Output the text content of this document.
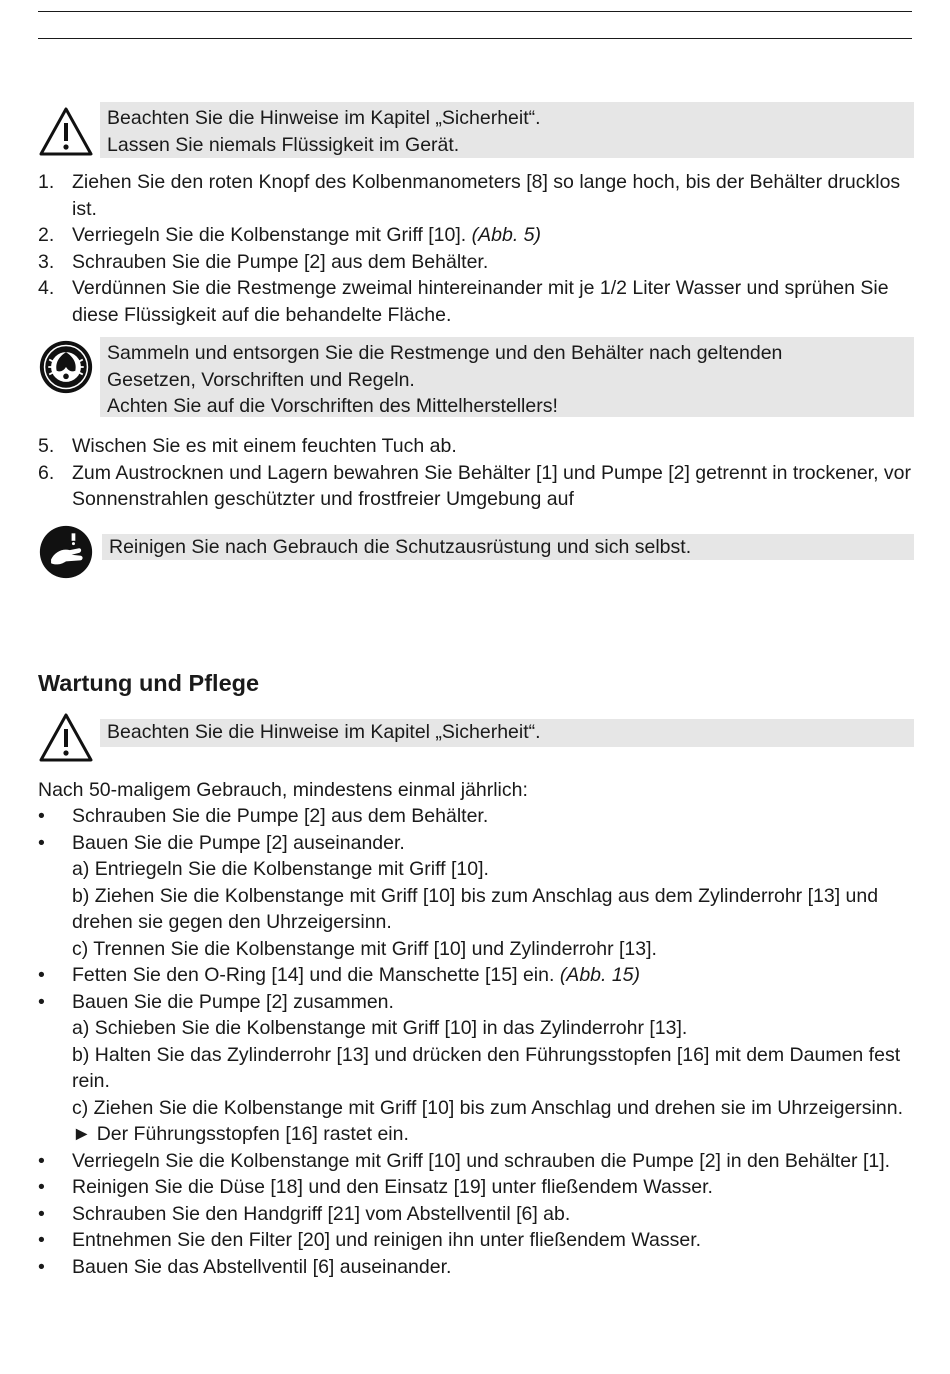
Beachten Sie die Hinweise im Kapitel „Sicherheit“.
Lassen Sie niemals Flüssigkeit im Gerät.
1. Ziehen Sie den roten Knopf des Kolbenmanometers [8] so lange hoch, bis der Behälter drucklos ist.
2. Verriegeln Sie die Kolbenstange mit Griff [10]. (Abb. 5)
3. Schrauben Sie die Pumpe [2] aus dem Behälter.
4. Verdünnen Sie die Restmenge zweimal hintereinander mit je 1/2 Liter Wasser und sprühen Sie diese Flüssigkeit auf die behandelte Fläche.
Sammeln und entsorgen Sie die Restmenge und den Behälter nach geltenden
Gesetzen, Vorschriften und Regeln.
Achten Sie auf die Vorschriften des Mittelherstellers!
5. Wischen Sie es mit einem feuchten Tuch ab.
6. Zum Austrocknen und Lagern bewahren Sie Behälter [1] und Pumpe [2] getrennt in trockener, vor Sonnenstrahlen geschützter und frostfreier Umgebung auf
Reinigen Sie nach Gebrauch die Schutzausrüstung und sich selbst.
Wartung und Pflege
Beachten Sie die Hinweise im Kapitel „Sicherheit“.
Nach 50-maligem Gebrauch, mindestens einmal jährlich:
• Schrauben Sie die Pumpe [2] aus dem Behälter.
• Bauen Sie die Pumpe [2] auseinander.
a) Entriegeln Sie die Kolbenstange mit Griff [10].
b) Ziehen Sie die Kolbenstange mit Griff [10] bis zum Anschlag aus dem Zylinderrohr [13] und drehen sie gegen den Uhrzeigersinn.
c) Trennen Sie die Kolbenstange mit Griff [10] und Zylinderrohr [13].
• Fetten Sie den O-Ring [14] und die Manschette [15] ein. (Abb. 15)
• Bauen Sie die Pumpe [2] zusammen.
a) Schieben Sie die Kolbenstange mit Griff [10] in das Zylinderrohr [13].
b) Halten Sie das Zylinderrohr [13] und drücken den Führungsstopfen [16] mit dem Daumen fest rein.
c) Ziehen Sie die Kolbenstange mit Griff [10] bis zum Anschlag und drehen sie im Uhrzeigersinn.
► Der Führungsstopfen [16] rastet ein.
• Verriegeln Sie die Kolbenstange mit Griff [10] und schrauben die Pumpe [2] in den Behälter [1].
• Reinigen Sie die Düse [18] und den Einsatz [19] unter fließendem Wasser.
• Schrauben Sie den Handgriff [21] vom Abstellventil [6] ab.
• Entnehmen Sie den Filter [20] und reinigen ihn unter fließendem Wasser.
• Bauen Sie das Abstellventil [6] auseinander.
